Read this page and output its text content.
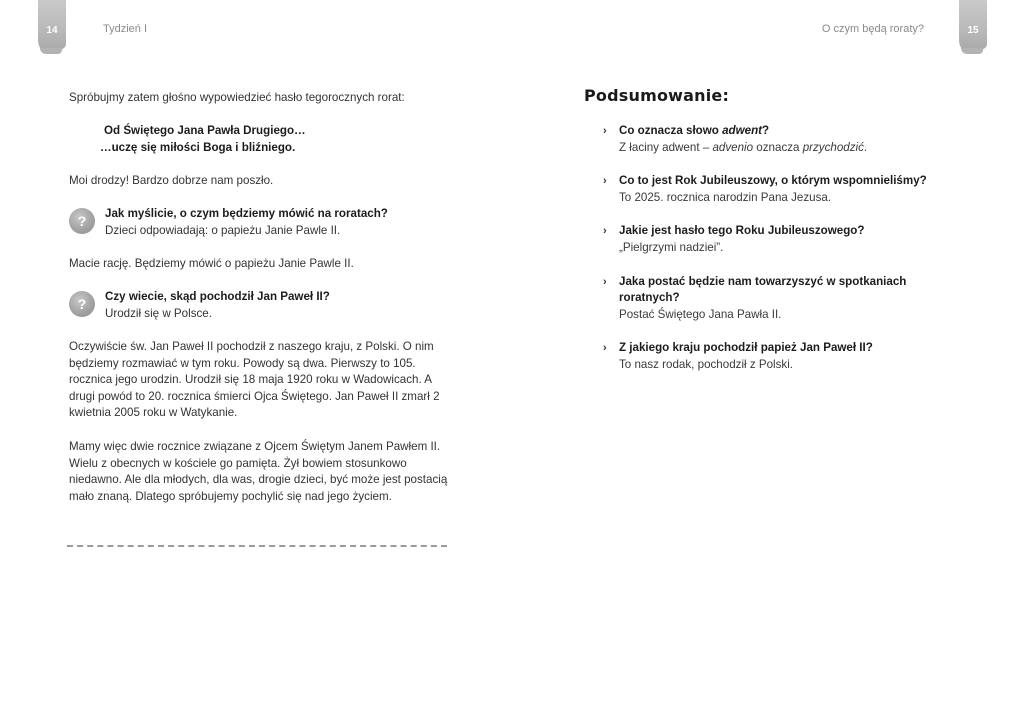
14	Tydzień I

Spróbujmy zatem głośno wypowiedzieć hasło tegorocznych rorat:

Od Świętego Jana Pawła Drugiego…
…uczę się miłości Boga i bliźniego.

Moi drodzy! Bardzo dobrze nam poszło.

?	Jak myślicie, o czym będziemy mówić na roratach?
Dzieci odpowiadają: o papieżu Janie Pawle II.

Macie rację. Będziemy mówić o papieżu Janie Pawle II.

?	Czy wiecie, skąd pochodził Jan Paweł II?
Urodził się w Polsce.

Oczywiście św. Jan Paweł II pochodził z naszego kraju, z Polski. O nim będziemy rozmawiać w tym roku. Powody są dwa. Pierwszy to 105. rocznica jego urodzin. Urodził się 18 maja 1920 roku w Wadowicach. A drugi powód to 20. rocznica śmierci Ojca Świętego. Jan Paweł II zmarł 2 kwietnia 2005 roku w Watykanie.

Mamy więc dwie rocznice związane z Ojcem Świętym Janem Pawłem II. Wielu z obecnych w kościele go pamięta. Żył bowiem stosunkowo niedawno. Ale dla młodych, dla was, drogie dzieci, być może jest postacią mało znaną. Dlatego spróbujemy pochylić się nad jego życiem.

15
O czym będą roraty?
Podsumowanie:
› Co oznacza słowo adwent?
Z łaciny adwent – advenio oznacza przychodzić.
› Co to jest Rok Jubileuszowy, o którym wspomnieliśmy?
To 2025. rocznica narodzin Pana Jezusa.
› Jakie jest hasło tego Roku Jubileuszowego?
„Pielgrzymi nadziei”.
› Jaka postać będzie nam towarzyszyć w spotkaniach roratnych?
Postać Świętego Jana Pawła II.
› Z jakiego kraju pochodził papież Jan Paweł II?
To nasz rodak, pochodził z Polski.
